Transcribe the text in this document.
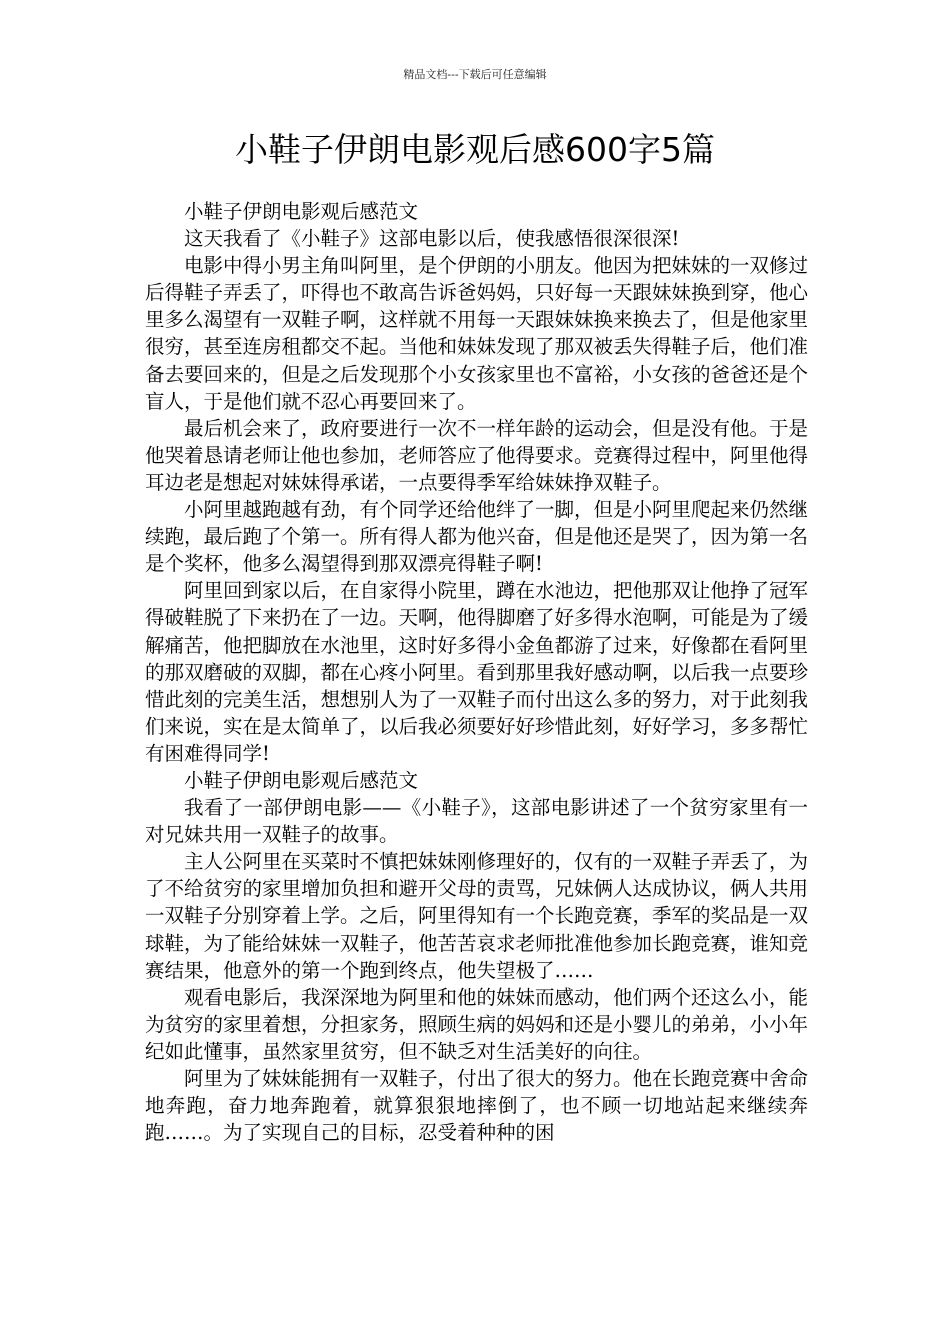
精品文档---下载后可任意编辑
小鞋子伊朗电影观后感600字5篇

小鞋子伊朗电影观后感范文

这天我看了《小鞋子》这部电影以后，使我感悟很深很深!

电影中得小男主角叫阿里，是个伊朗的小朋友。他因为把妹妹的一双修过后得鞋子弄丢了，吓得也不敢高告诉爸妈妈，只好每一天跟妹妹换到穿，他心里多么渴望有一双鞋子啊，这样就不用每一天跟妹妹换来换去了，但是他家里很穷，甚至连房租都交不起。当他和妹妹发现了那双被丢失得鞋子后，他们准备去要回来的，但是之后发现那个小女孩家里也不富裕，小女孩的爸爸还是个盲人，于是他们就不忍心再要回来了。

最后机会来了，政府要进行一次不一样年龄的运动会，但是没有他。于是他哭着恳请老师让他也参加，老师答应了他得要求。竞赛得过程中，阿里他得耳边老是想起对妹妹得承诺，一点要得季军给妹妹挣双鞋子。

小阿里越跑越有劲，有个同学还给他绊了一脚，但是小阿里爬起来仍然继续跑，最后跑了个第一。所有得人都为他兴奋，但是他还是哭了，因为第一名是个奖杯，他多么渴望得到那双漂亮得鞋子啊!

阿里回到家以后，在自家得小院里，蹲在水池边，把他那双让他挣了冠军得破鞋脱了下来扔在了一边。天啊，他得脚磨了好多得水泡啊，可能是为了缓解痛苦，他把脚放在水池里，这时好多得小金鱼都游了过来，好像都在看阿里的那双磨破的双脚，都在心疼小阿里。看到那里我好感动啊，以后我一点要珍惜此刻的完美生活，想想别人为了一双鞋子而付出这么多的努力，对于此刻我们来说，实在是太简单了，以后我必须要好好珍惜此刻，好好学习，多多帮忙有困难得同学!

小鞋子伊朗电影观后感范文

我看了一部伊朗电影——《小鞋子》，这部电影讲述了一个贫穷家里有一对兄妹共用一双鞋子的故事。

主人公阿里在买菜时不慎把妹妹刚修理好的，仅有的一双鞋子弄丢了，为了不给贫穷的家里增加负担和避开父母的责骂，兄妹俩人达成协议，俩人共用一双鞋子分别穿着上学。之后，阿里得知有一个长跑竞赛，季军的奖品是一双球鞋，为了能给妹妹一双鞋子，他苦苦哀求老师批准他参加长跑竞赛，谁知竞赛结果，他意外的第一个跑到终点，他失望极了……

观看电影后，我深深地为阿里和他的妹妹而感动，他们两个还这么小，能为贫穷的家里着想，分担家务，照顾生病的妈妈和还是小婴儿的弟弟，小小年纪如此懂事，虽然家里贫穷，但不缺乏对生活美好的向往。

阿里为了妹妹能拥有一双鞋子，付出了很大的努力。他在长跑竞赛中舍命地奔跑，奋力地奔跑着，就算狠狠地摔倒了，也不顾一切地站起来继续奔跑……。为了实现自己的目标，忍受着种种的困
